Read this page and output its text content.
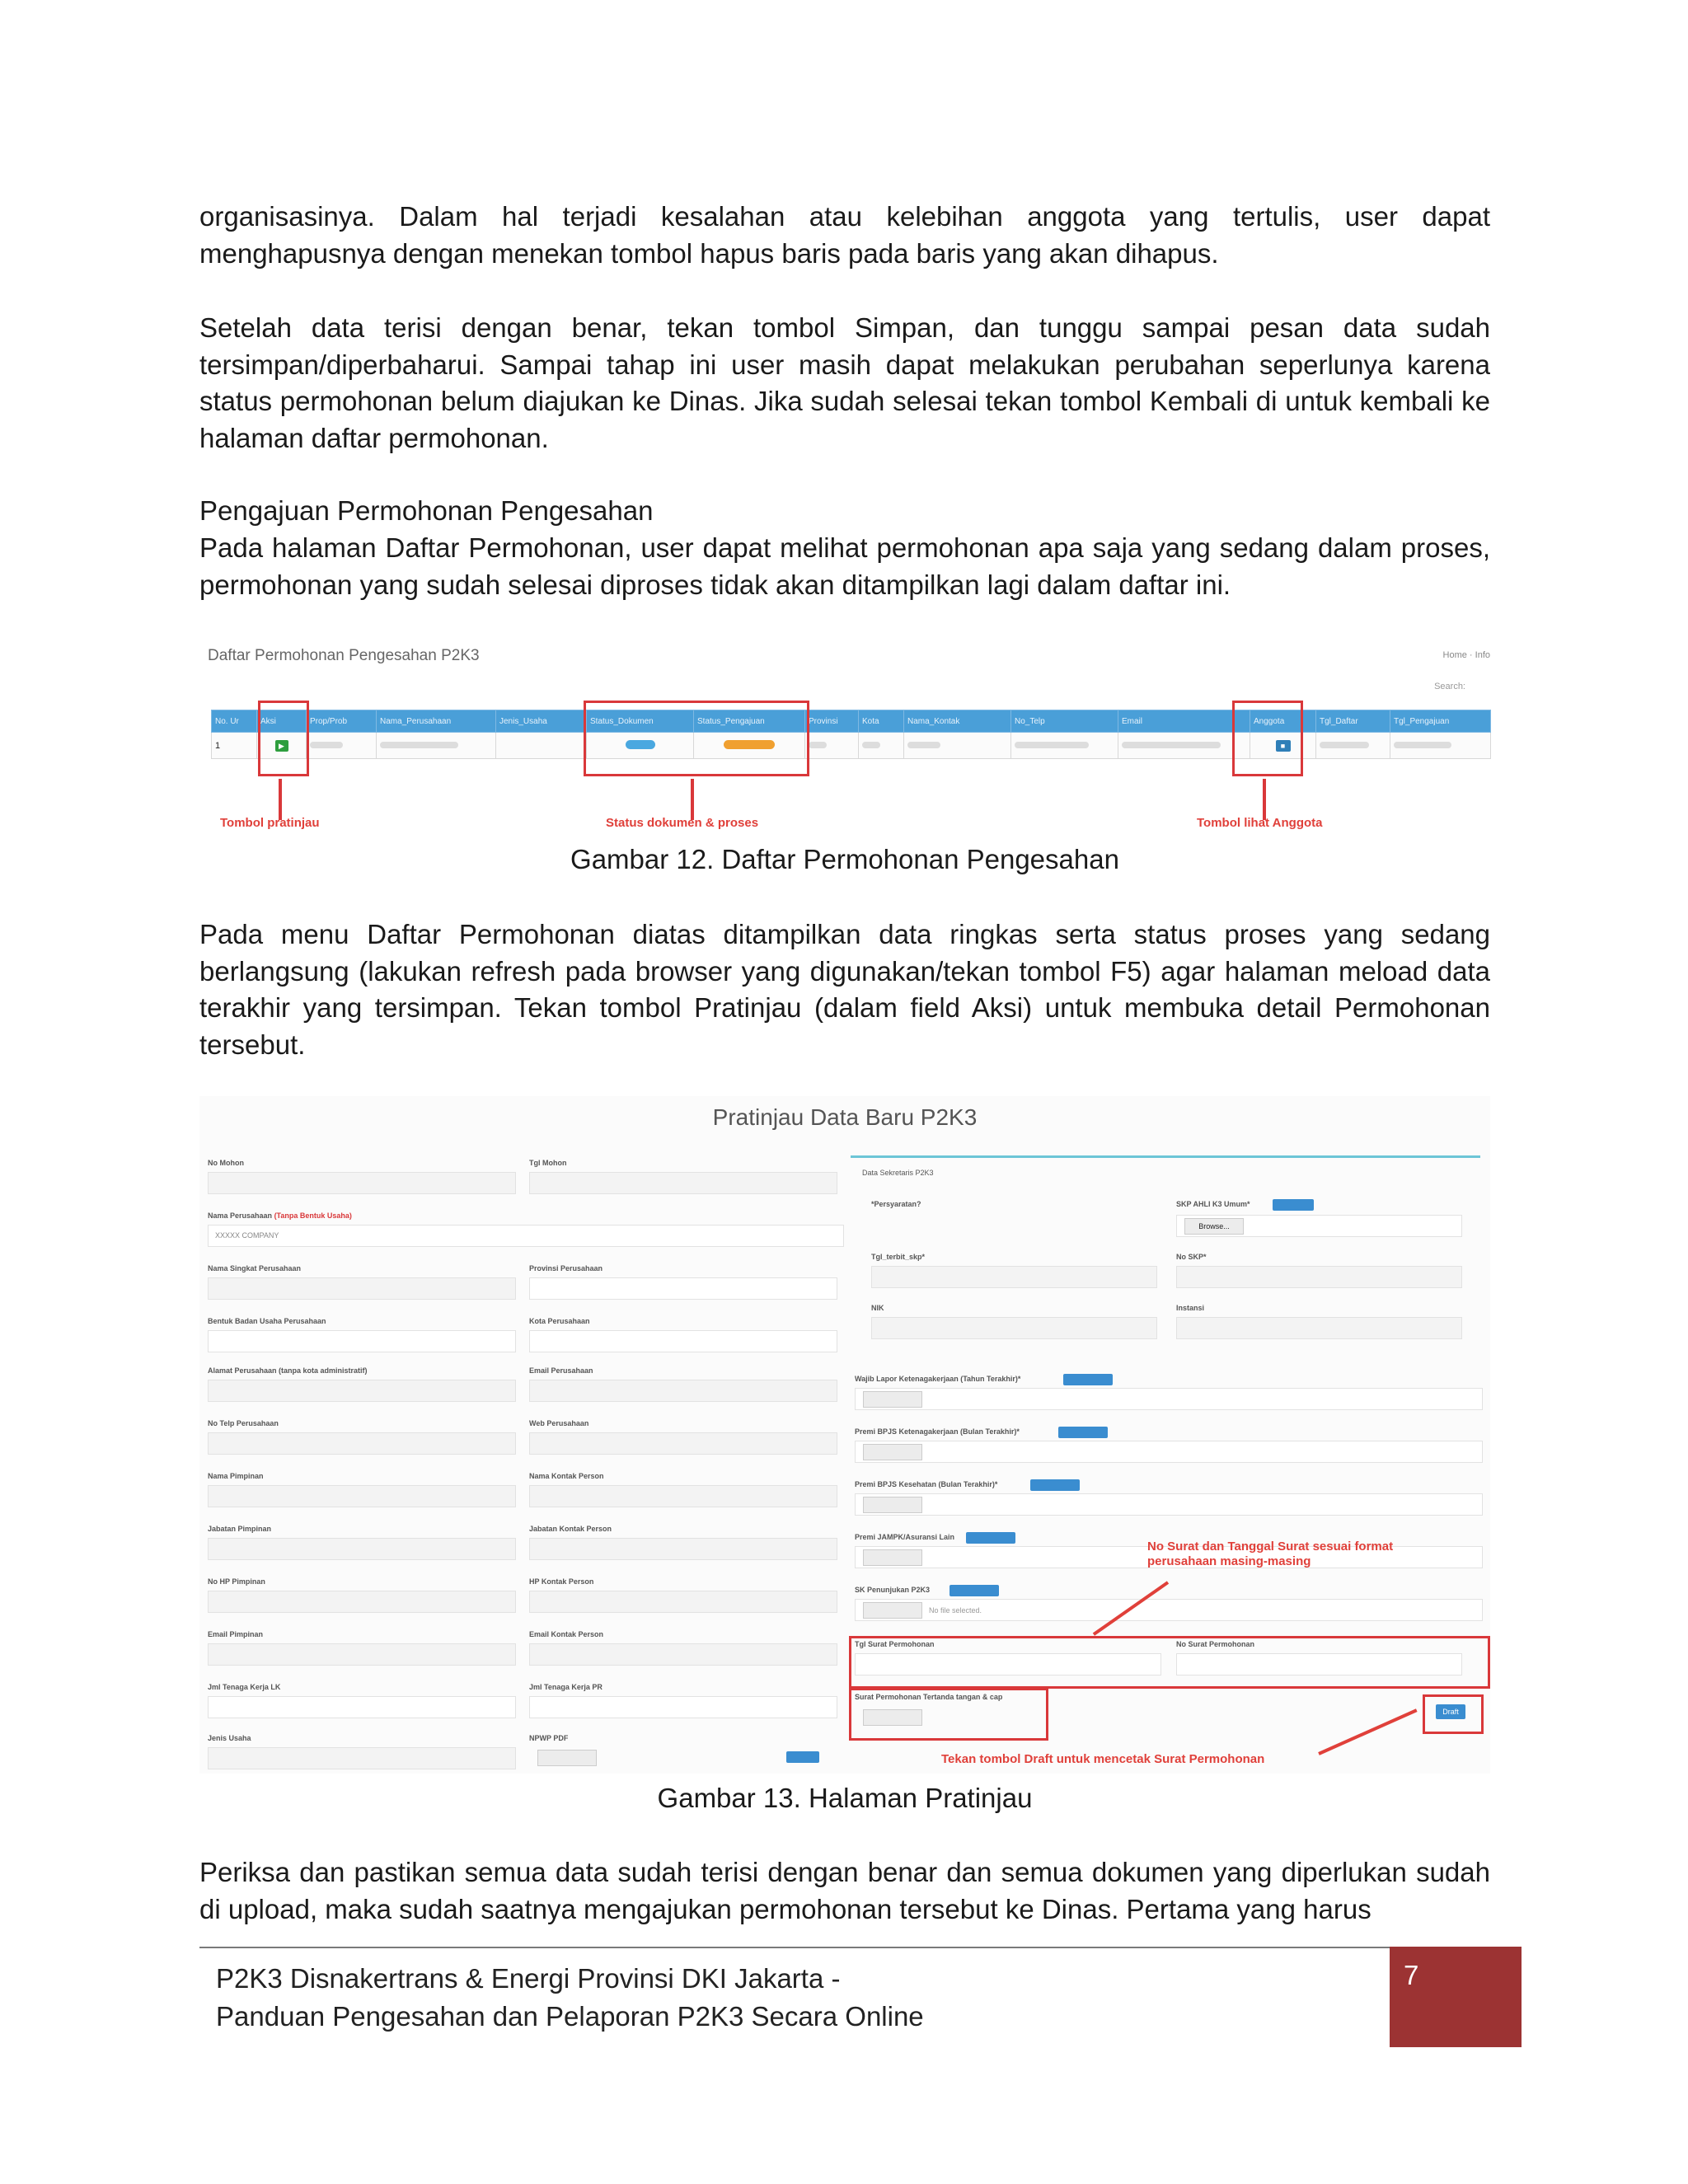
organisasinya. Dalam hal terjadi kesalahan atau kelebihan anggota yang tertulis, user dapat menghapusnya dengan menekan tombol hapus baris pada baris yang akan dihapus.
Setelah data terisi dengan benar, tekan tombol Simpan, dan tunggu sampai pesan data sudah tersimpan/diperbaharui. Sampai tahap ini user masih dapat melakukan perubahan seperlunya karena status permohonan belum diajukan ke Dinas. Jika sudah selesai tekan tombol Kembali di untuk kembali ke halaman daftar permohonan.
Pengajuan Permohonan Pengesahan
Pada halaman Daftar Permohonan, user dapat melihat permohonan apa saja yang sedang dalam proses, permohonan yang sudah selesai diproses tidak akan ditampilkan lagi dalam daftar ini.
Daftar Permohonan Pengesahan P2K3	Home · Info
Search:
No. Ur	Aksi	Prop/Prob	Nama_Perusahaan	Jenis_Usaha	Status_Dokumen	Status_Pengajuan	Provinsi	Kota	Nama_Kontak	No_Telp	Email	Anggota	Tgl_Daftar	Tgl_Pengajuan
1	▶											■		
Tombol pratinjau	Status dokumen & proses	Tombol lihat Anggota
Gambar 12. Daftar Permohonan Pengesahan
Pada menu Daftar Permohonan diatas ditampilkan data ringkas serta status proses yang sedang berlangsung (lakukan refresh pada browser yang digunakan/tekan tombol F5) agar halaman meload data terakhir yang tersimpan. Tekan tombol Pratinjau (dalam field Aksi) untuk membuka detail Permohonan tersebut.
Pratinjau Data Baru P2K3
No Mohon	Tgl Mohon
Nama Perusahaan (Tanpa Bentuk Usaha)
XXXXX COMPANY
Nama Singkat Perusahaan	Provinsi Perusahaan
Bentuk Badan Usaha Perusahaan	Kota Perusahaan
Alamat Perusahaan (tanpa kota administratif)	Email Perusahaan
No Telp Perusahaan	Web Perusahaan
Nama Pimpinan	Nama Kontak Person
Jabatan Pimpinan	Jabatan Kontak Person
No HP Pimpinan	HP Kontak Person
Email Pimpinan	Email Kontak Person
Jml Tenaga Kerja LK	Jml Tenaga Kerja PR
Jenis Usaha	NPWP PDF
Data Sekretaris P2K3
*Persyaratan?	SKP AHLI K3 Umum*
Browse...
Tgl_terbit_skp*	No SKP*
NIK	Instansi
Wajib Lapor Ketenagakerjaan (Tahun Terakhir)*
Premi BPJS Ketenagakerjaan (Bulan Terakhir)*
Premi BPJS Kesehatan (Bulan Terakhir)*
Premi JAMPK/Asuransi Lain
SK Penunjukan P2K3
No file selected.
Tgl Surat Permohonan	No Surat Permohonan
Surat Permohonan Tertanda tangan & cap
Draft
No Surat dan Tanggal Surat sesuai format perusahaan masing-masing
Tekan tombol Draft untuk mencetak Surat Permohonan
Gambar 13. Halaman Pratinjau
Periksa dan pastikan semua data sudah terisi dengan benar dan semua dokumen yang diperlukan sudah di upload, maka sudah saatnya mengajukan permohonan tersebut ke Dinas. Pertama yang harus
P2K3 Disnakertrans & Energi Provinsi DKI Jakarta -
Panduan Pengesahan dan Pelaporan P2K3 Secara Online
7
